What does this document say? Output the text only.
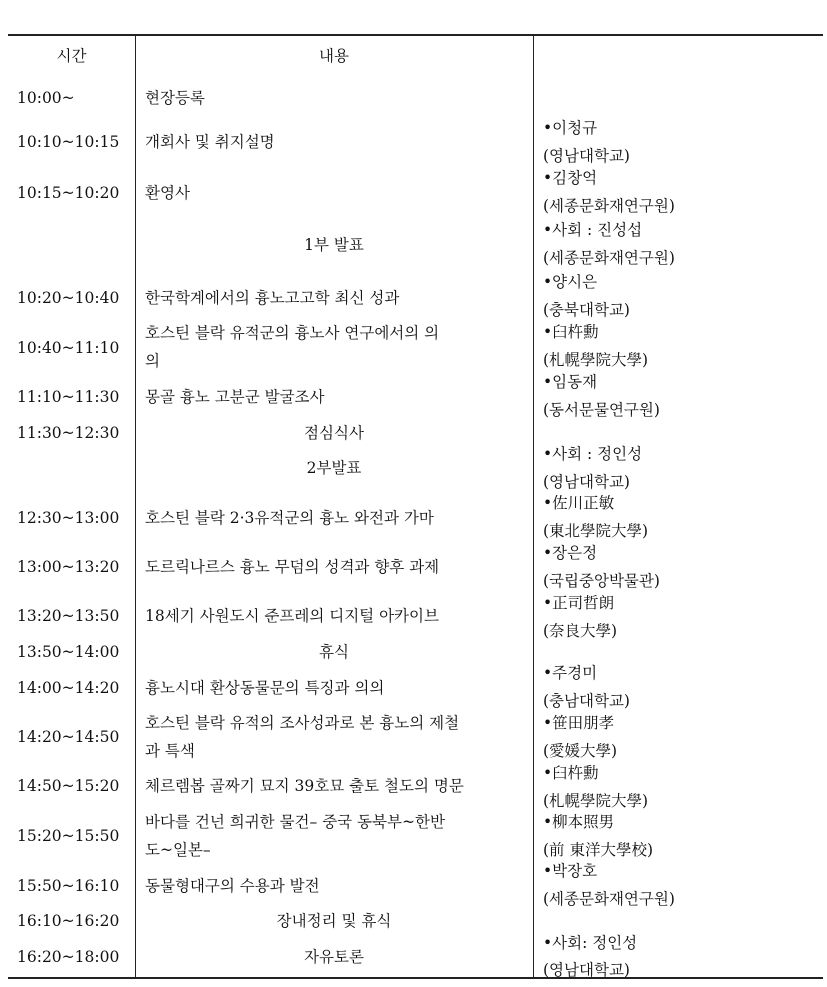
시간	내용
10:00~
10:10~10:15
10:15~10:20
10:20~10:40
10:40~11:10
11:10~11:30
11:30~12:30
12:30~13:00
13:00~13:20
13:20~13:50
13:50~14:00
14:00~14:20
14:20~14:50
14:50~15:20
15:20~15:50
15:50~16:10
16:10~16:20
16:20~18:00
현장등록
개회사 및 취지설명
환영사
1부 발표
한국학계에서의 흉노고고학 최신 성과
호스틴 블락 유적군의 흉노사 연구에서의 의
의
몽골 흉노 고분군 발굴조사
점심식사
2부발표
호스틴 블락 2·3유적군의 흉노 와전과 가마
도르릭나르스 흉노 무덤의 성격과 향후 과제
18세기 사원도시 준프레의 디지털 아카이브
휴식
흉노시대 환상동물문의 특징과 의의
호스틴 블락 유적의 조사성과로 본 흉노의 제철
과 특색
체르렘봅 골짜기 묘지 39호묘 출토 철도의 명문
바다를 건넌 희귀한 물건– 중국 동북부~한반
도~일본–
동물형대구의 수용과 발전
장내정리 및 휴식
자유토론
•이청규
(영남대학교)
•김창억
(세종문화재연구원)
•사회 : 진성섭
(세종문화재연구원)
•양시은
(충북대학교)
•臼杵勳
(札幌學院大學)
•임동재
(동서문물연구원)
•사회 : 정인성
(영남대학교)
•佐川正敏
(東北學院大學)
•장은정
(국립중앙박물관)
•正司哲朗
(奈良大學)
•주경미
(충남대학교)
•笹田朋孝
(愛媛大學)
•臼杵勳
(札幌學院大學)
•柳本照男
(前 東洋大學校)
•박장호
(세종문화재연구원)
•사회: 정인성
(영남대학교)
